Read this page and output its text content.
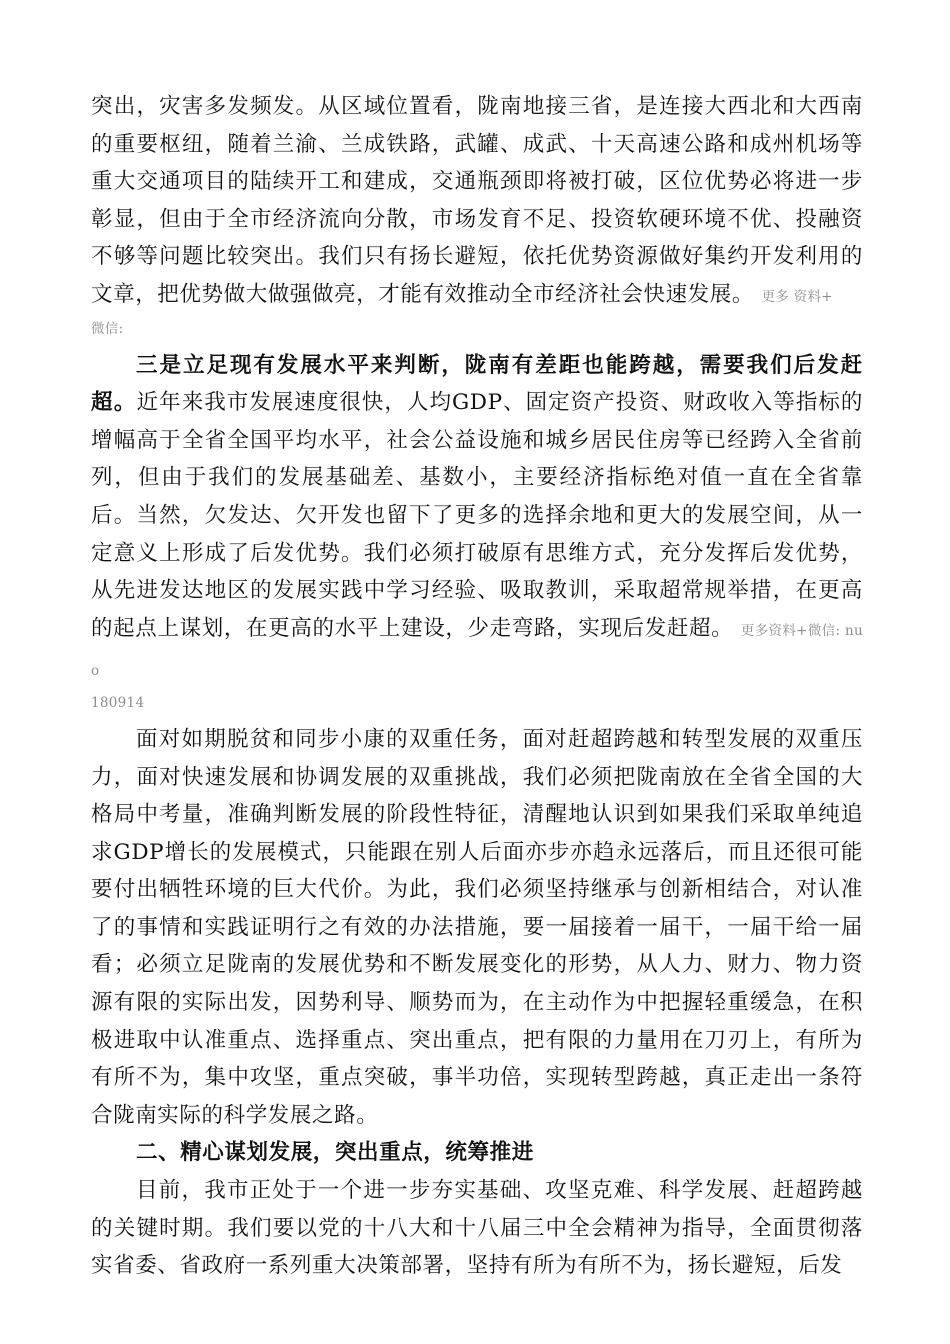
突出，灾害多发频发。从区域位置看，陇南地接三省，是连接大西北和大西南的重要枢纽，随着兰渝、兰成铁路，武罐、成武、十天高速公路和成州机场等重大交通项目的陆续开工和建成，交通瓶颈即将被打破，区位优势必将进一步彰显，但由于全市经济流向分散，市场发育不足、投资软硬环境不优、投融资不够等问题比较突出。我们只有扬长避短，依托优势资源做好集约开发利用的文章，把优势做大做强做亮，才能有效推动全市经济社会快速发展。 更多 资料+
微信:

三是立足现有发展水平来判断，陇南有差距也能跨越，需要我们后发赶超。近年来我市发展速度很快，人均GDP、固定资产投资、财政收入等指标的增幅高于全省全国平均水平，社会公益设施和城乡居民住房等已经跨入全省前列，但由于我们的发展基础差、基数小，主要经济指标绝对值一直在全省靠后。当然，欠发达、欠开发也留下了更多的选择余地和更大的发展空间，从一定意义上形成了后发优势。我们必须打破原有思维方式，充分发挥后发优势，从先进发达地区的发展实践中学习经验、吸取教训，采取超常规举措，在更高的起点上谋划，在更高的水平上建设，少走弯路，实现后发赶超。 更多资料+微信: nuo
180914

面对如期脱贫和同步小康的双重任务，面对赶超跨越和转型发展的双重压力，面对快速发展和协调发展的双重挑战，我们必须把陇南放在全省全国的大格局中考量，准确判断发展的阶段性特征，清醒地认识到如果我们采取单纯追求GDP增长的发展模式，只能跟在别人后面亦步亦趋永远落后，而且还很可能要付出牺牲环境的巨大代价。为此，我们必须坚持继承与创新相结合，对认准了的事情和实践证明行之有效的办法措施，要一届接着一届干，一届干给一届看；必须立足陇南的发展优势和不断发展变化的形势，从人力、财力、物力资源有限的实际出发，因势利导、顺势而为，在主动作为中把握轻重缓急，在积极进取中认准重点、选择重点、突出重点，把有限的力量用在刀刃上，有所为有所不为，集中攻坚，重点突破，事半功倍，实现转型跨越，真正走出一条符合陇南实际的科学发展之路。

二、精心谋划发展，突出重点，统筹推进

目前，我市正处于一个进一步夯实基础、攻坚克难、科学发展、赶超跨越的关键时期。我们要以党的十八大和十八届三中全会精神为指导，全面贯彻落实省委、省政府一系列重大决策部署，坚持有所为有所不为，扬长避短，后发
